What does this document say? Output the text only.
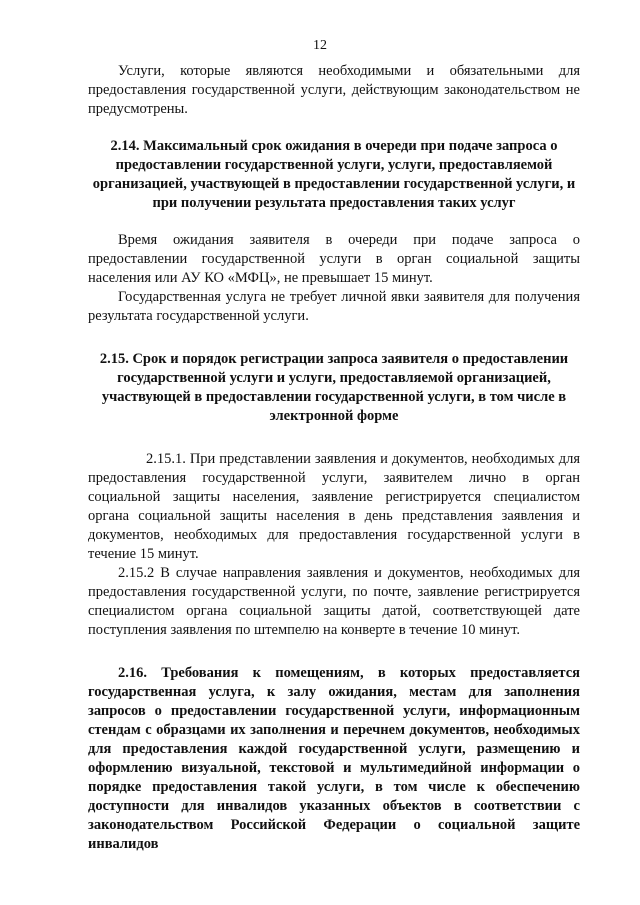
12

Услуги, которые являются необходимыми и обязательными для предоставления государственной услуги, действующим законодательством не предусмотрены.

2.14. Максимальный срок ожидания в очереди при подаче запроса о предоставлении государственной услуги, услуги, предоставляемой организацией, участвующей в предоставлении государственной услуги, и при получении результата предоставления таких услуг

Время ожидания заявителя в очереди при подаче запроса о предоставлении государственной услуги в орган социальной защиты населения или АУ КО «МФЦ», не превышает 15 минут.

Государственная услуга не требует личной явки заявителя для получения результата государственной услуги.

2.15. Срок и порядок регистрации запроса заявителя о предоставлении государственной услуги и услуги, предоставляемой организацией, участвующей в предоставлении государственной услуги, в том числе в электронной форме

2.15.1. При представлении заявления и документов, необходимых для предоставления государственной услуги, заявителем лично в орган социальной защиты населения, заявление регистрируется специалистом органа социальной защиты населения в день представления заявления и документов, необходимых для предоставления государственной услуги в течение 15 минут.

2.15.2 В случае направления заявления и документов, необходимых для предоставления государственной услуги, по почте, заявление регистрируется специалистом органа социальной защиты датой, соответствующей дате поступления заявления по штемпелю на конверте в течение 10 минут.

2.16. Требования к помещениям, в которых предоставляется государственная услуга, к залу ожидания, местам для заполнения запросов о предоставлении государственной услуги, информационным стендам с образцами их заполнения и перечнем документов, необходимых для предоставления каждой государственной услуги, размещению и оформлению визуальной, текстовой и мультимедийной информации о порядке предоставления такой услуги, в том числе к обеспечению доступности для инвалидов указанных объектов в соответствии с законодательством Российской Федерации о социальной защите инвалидов
